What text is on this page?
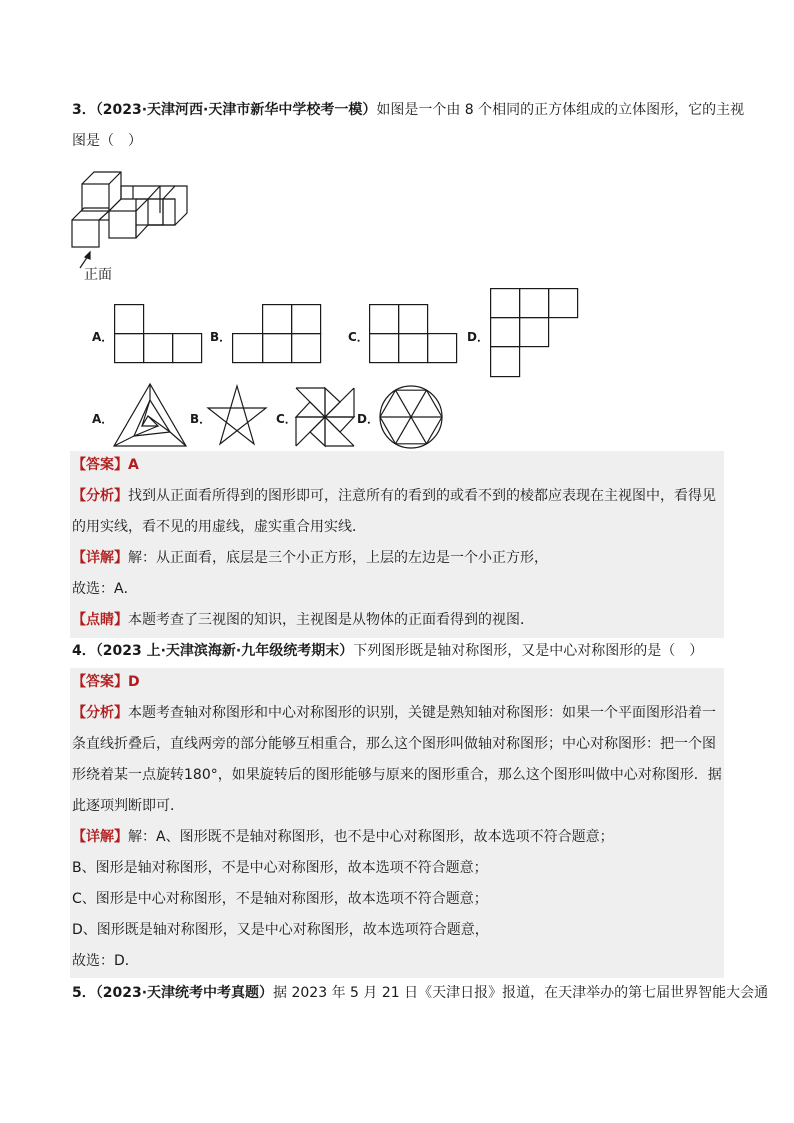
3．（2023·天津河西·天津市新华中学校考一模）如图是一个由 8 个相同的正方体组成的立体图形，它的主视
图是（　）
正面
A．	B．	C．	D．
A．	B．	C．	D．
【答案】A
【分析】找到从正面看所得到的图形即可，注意所有的看到的或看不到的棱都应表现在主视图中，看得见
的用实线，看不见的用虚线，虚实重合用实线．
【详解】解：从正面看，底层是三个小正方形，上层的左边是一个小正方形，
故选：A．
【点睛】本题考查了三视图的知识，主视图是从物体的正面看得到的视图．
4．（2023 上·天津滨海新·九年级统考期末）下列图形既是轴对称图形，又是中心对称图形的是（　）
【答案】D
【分析】本题考查轴对称图形和中心对称图形的识别，关键是熟知轴对称图形：如果一个平面图形沿着一
条直线折叠后，直线两旁的部分能够互相重合，那么这个图形叫做轴对称图形；中心对称图形：把一个图
形绕着某一点旋转180°，如果旋转后的图形能够与原来的图形重合，那么这个图形叫做中心对称图形．据
此逐项判断即可．
【详解】解：A、图形既不是轴对称图形，也不是中心对称图形，故本选项不符合题意；
B、图形是轴对称图形，不是中心对称图形，故本选项不符合题意；
C、图形是中心对称图形，不是轴对称图形，故本选项不符合题意；
D、图形既是轴对称图形，又是中心对称图形，故本选项符合题意，
故选：D．
5．（2023·天津统考中考真题）据 2023 年 5 月 21 日《天津日报》报道，在天津举办的第七届世界智能大会通
